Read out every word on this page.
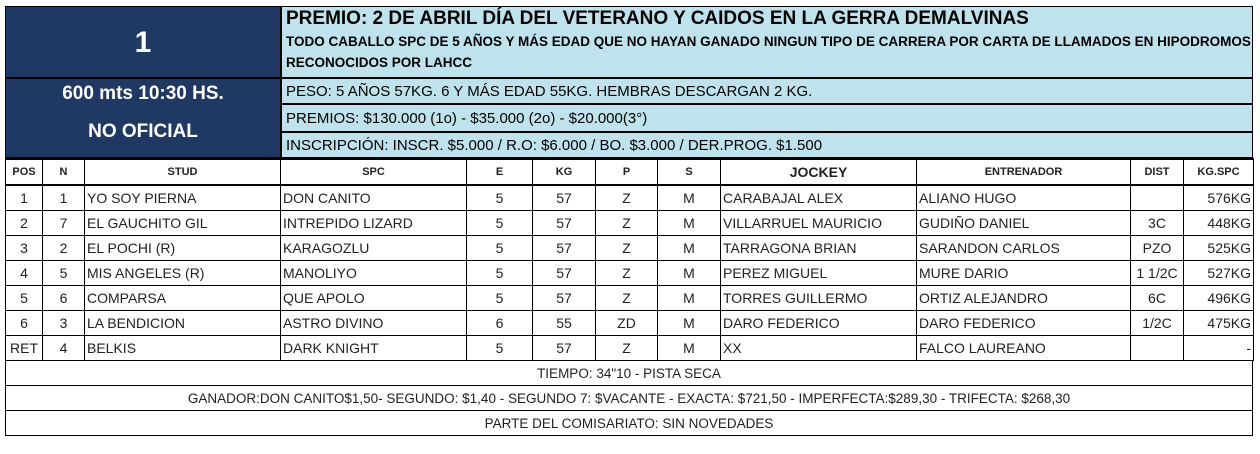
1
600 mts 10:30 HS.
NO OFICIAL
PREMIO: 2 DE ABRIL DÍA DEL VETERANO Y CAIDOS EN LA GERRA DEMALVINAS
TODO CABALLO SPC DE 5 AÑOS Y MÁS EDAD QUE NO HAYAN GANADO NINGUN TIPO DE CARRERA POR CARTA DE LLAMADOS EN HIPODROMOS RECONOCIDOS POR LAHCC
PESO: 5 AÑOS 57KG. 6 Y MÁS EDAD 55KG. HEMBRAS DESCARGAN 2 KG.
PREMIOS: $130.000 (1o) - $35.000 (2o) - $20.000(3°)
INSCRIPCIÓN: INSCR. $5.000 / R.O: $6.000 / BO. $3.000 / DER.PROG. $1.500
POS	N	STUD	SPC	E	KG	P	S	JOCKEY	ENTRENADOR	DIST	KG.SPC
1	1	YO SOY PIERNA	DON CANITO	5	57	Z	M	CARABAJAL ALEX	ALIANO HUGO		576KG
2	7	EL GAUCHITO GIL	INTREPIDO LIZARD	5	57	Z	M	VILLARRUEL MAURICIO	GUDIÑO DANIEL	3C	448KG
3	2	EL POCHI (R)	KARAGOZLU	5	57	Z	M	TARRAGONA BRIAN	SARANDON CARLOS	PZO	525KG
4	5	MIS ANGELES (R)	MANOLIYO	5	57	Z	M	PEREZ MIGUEL	MURE DARIO	1 1/2C	527KG
5	6	COMPARSA	QUE APOLO	5	57	Z	M	TORRES GUILLERMO	ORTIZ ALEJANDRO	6C	496KG
6	3	LA BENDICION	ASTRO DIVINO	6	55	ZD	M	DARO FEDERICO	DARO FEDERICO	1/2C	475KG
RET	4	BELKIS	DARK KNIGHT	5	57	Z	M	XX	FALCO LAUREANO		-
TIEMPO: 34"10 - PISTA SECA
GANADOR:DON CANITO$1,50- SEGUNDO: $1,40 - SEGUNDO 7: $VACANTE - EXACTA: $721,50 - IMPERFECTA:$289,30 - TRIFECTA: $268,30
PARTE DEL COMISARIATO: SIN NOVEDADES
